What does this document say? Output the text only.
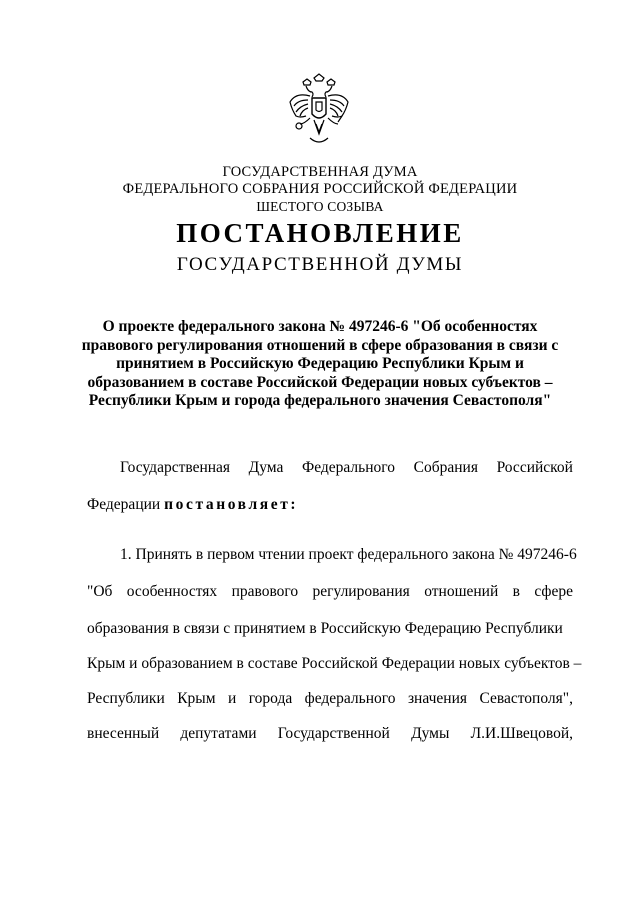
ГОСУДАРСТВЕННАЯ ДУМА
ФЕДЕРАЛЬНОГО СОБРАНИЯ РОССИЙСКОЙ ФЕДЕРАЦИИ
ШЕСТОГО СОЗЫВА
ПОСТАНОВЛЕНИЕ
ГОСУДАРСТВЕННОЙ ДУМЫ
О проекте федерального закона № 497246-6 "Об особенностях
правового регулирования отношений в сфере образования в связи с
принятием в Российскую Федерацию Республики Крым и
образованием в составе Российской Федерации новых субъектов –
Республики Крым и города федерального значения Севастополя"
Государственная Дума Федерального Собрания Российской
Федерации постановляет:
1. Принять в первом чтении проект федерального закона № 497246-6
"Об особенностях правового регулирования отношений в сфере
образования в связи с принятием в Российскую Федерацию Республики
Крым и образованием в составе Российской Федерации новых субъектов –
Республики Крым и города федерального значения Севастополя",
внесенный депутатами Государственной Думы Л.И.Швецовой,
